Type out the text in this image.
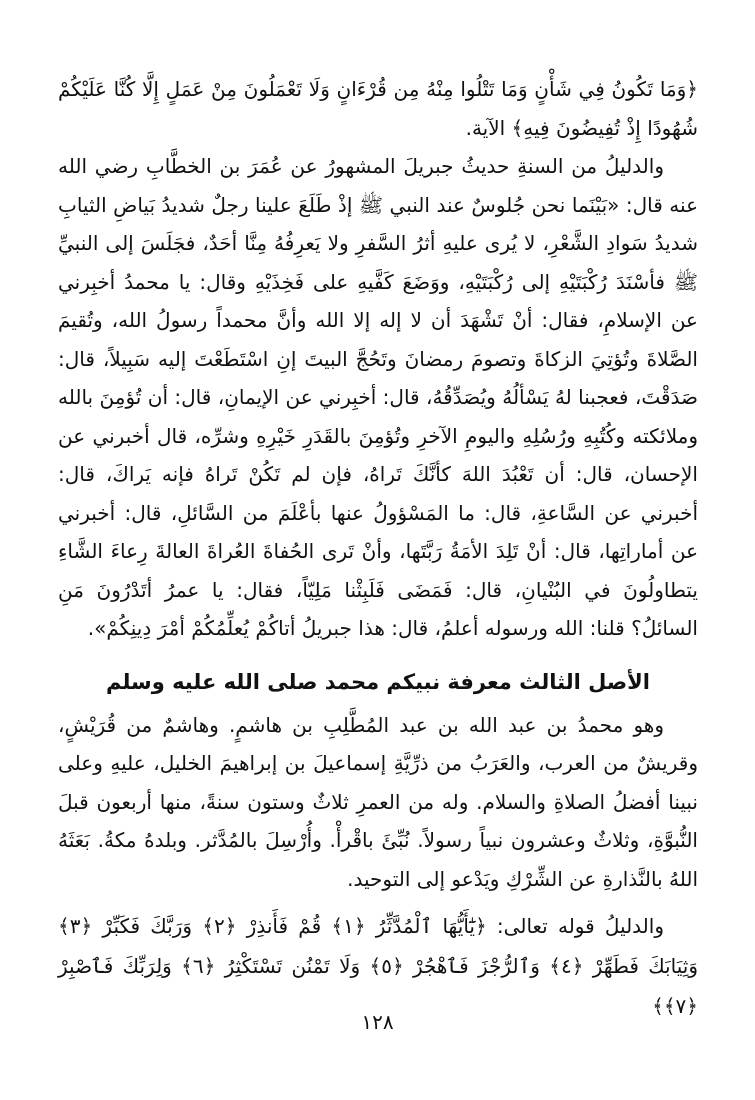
﴿وَمَا تَكُونُ فِي شَأْنٍ وَمَا تَتْلُوا مِنْهُ مِن قُرْءَانٍ وَلَا تَعْمَلُونَ مِنْ عَمَلٍ إِلَّا كُنَّا عَلَيْكُمْ شُهُودًا إِذْ تُفِيضُونَ فِيهِ﴾ الآية.

والدليلُ من السنةِ حديثُ جبريلَ المشهورُ عن عُمَرَ بن الخطَّابِ رضي الله عنه قال: «بَيْنَما نحن جُلوسٌ عند النبي ﷺ إذْ طَلَعَ علينا رجلٌ شديدُ بَياضِ الثيابِ شديدُ سَوادِ الشَّعْرِ، لا يُرى عليهِ أثرُ السَّفرِ ولا يَعرِفُهُ مِنَّا أحَدٌ، فجَلَسَ إلى النبيِّ ﷺ فأسْنَدَ رُكْبَتَيْهِ إلى رُكْبَتَيْهِ، ووَضَعَ كَفَّيهِ على فَخِذَيْهِ وقال: يا محمدُ أخبِرني عن الإسلامِ، فقال: أنْ تَشْهَدَ أن لا إله إلا الله وأنَّ محمداً رسولُ الله، وتُقيمَ الصَّلاةَ وتُؤتِيَ الزكاةَ وتصومَ رمضانَ وتَحُجَّ البيتَ إنِ اسْتَطَعْتَ إليه سَبِيلاً، قال: صَدَقْتَ، فعجبنا لهُ يَسْألُهُ ويُصَدِّقُهُ، قال: أخبِرني عن الإيمانِ، قال: أن تُؤمِنَ بالله وملائكته وكُتُبِهِ ورُسُلِهِ واليومِ الآخرِ وتُؤمِنَ بالقَدَرِ خَيْرِهِ وشرِّه، قال أخبرني عن الإحسان، قال: أن تَعْبُدَ اللهَ كأنَّكَ تَراهُ، فإن لم تَكُنْ تَراهُ فإنه يَراكَ، قال: أخبرني عن السَّاعةِ، قال: ما المَسْؤولُ عنها بأعْلَمَ من السَّائلِ، قال: أخبرني عن أماراتِها، قال: أنْ تَلِدَ الأمَةُ رَبَّتَها، وأنْ تَرى الحُفاةَ العُراةَ العالةَ رِعاءَ الشَّاءِ يتطاولُونَ في البُنْيانِ، قال: فَمَضَى فَلَبِثْنا مَلِيّاً، فقال: يا عمرُ أتَدْرُونَ مَنِ السائلُ؟ قلنا: الله ورسوله أعلمُ، قال: هذا جبريلُ أتاكُمْ يُعلِّمُكُمْ أمْرَ دِينِكُمْ».

الأصل الثالث معرفة نبيكم محمد صلى الله عليه وسلم

وهو محمدُ بن عبد الله بن عبد المُطَّلِبِ بن هاشمٍ. وهاشمٌ من قُرَيْشٍ، وقريشٌ من العرب، والعَرَبُ من ذرِّيَّةِ إسماعيلَ بن إبراهيمَ الخليل، عليهِ وعلى نبينا أفضلُ الصلاةِ والسلام. وله من العمرِ ثلاثٌ وستون سنةً، منها أربعون قبلَ النُّبوَّةِ، وثلاثٌ وعشرون نبياً رسولاً. نُبِّئَ باقْرأْ. وأُرْسِلَ بالمُدَّثر. وبلدهُ مكةُ. بَعَثَهُ اللهُ بالنَّذارةِ عن الشِّرْكِ ويَدْعو إلى التوحيد.

والدليلُ قوله تعالى: ﴿يَٰٓأَيُّهَا ٱلْمُدَّثِّرُ ﴿١﴾ قُمْ فَأَنذِرْ ﴿٢﴾ وَرَبَّكَ فَكَبِّرْ ﴿٣﴾ وَثِيَابَكَ فَطَهِّرْ ﴿٤﴾ وَٱلرُّجْزَ فَٱهْجُرْ ﴿٥﴾ وَلَا تَمْنُن تَسْتَكْثِرُ ﴿٦﴾ وَلِرَبِّكَ فَٱصْبِرْ ﴿٧﴾﴾

١٢٨
